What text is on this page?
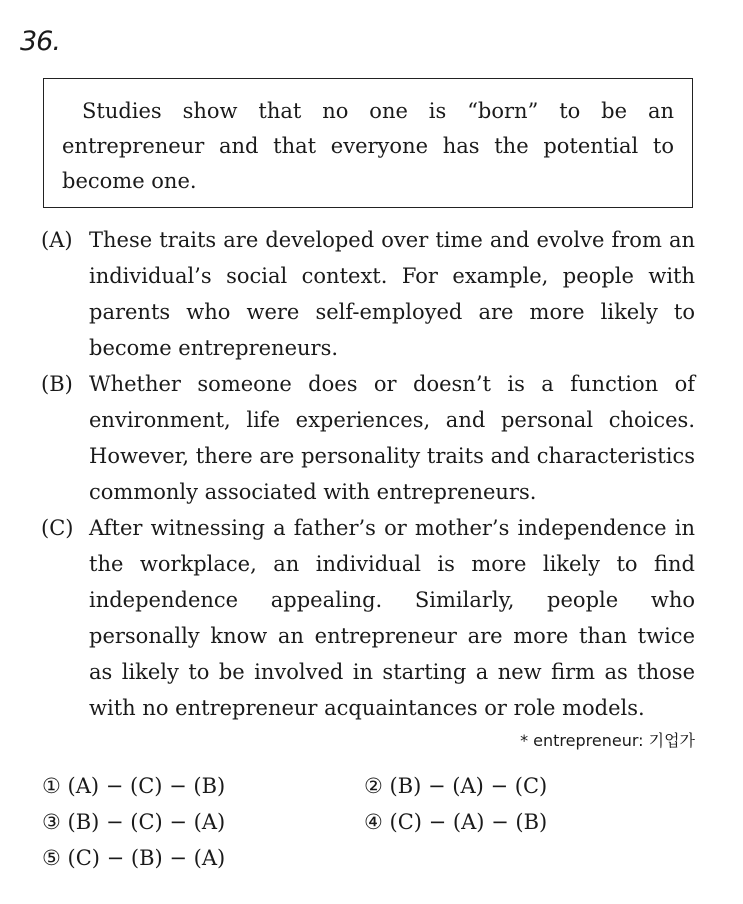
36.
Studies show that no one is “born” to be an entrepreneur and that everyone has the potential to become one.
(A) These traits are developed over time and evolve from an individual’s social context. For example, people with parents who were self-employed are more likely to become entrepreneurs.
(B) Whether someone does or doesn’t is a function of environment, life experiences, and personal choices. However, there are personality traits and characteristics commonly associated with entrepreneurs.
(C) After witnessing a father’s or mother’s independence in the workplace, an individual is more likely to find independence appealing. Similarly, people who personally know an entrepreneur are more than twice as likely to be involved in starting a new firm as those with no entrepreneur acquaintances or role models.
* entrepreneur: 기업가
① (A) − (C) − (B)	② (B) − (A) − (C)
③ (B) − (C) − (A)	④ (C) − (A) − (B)
⑤ (C) − (B) − (A)
